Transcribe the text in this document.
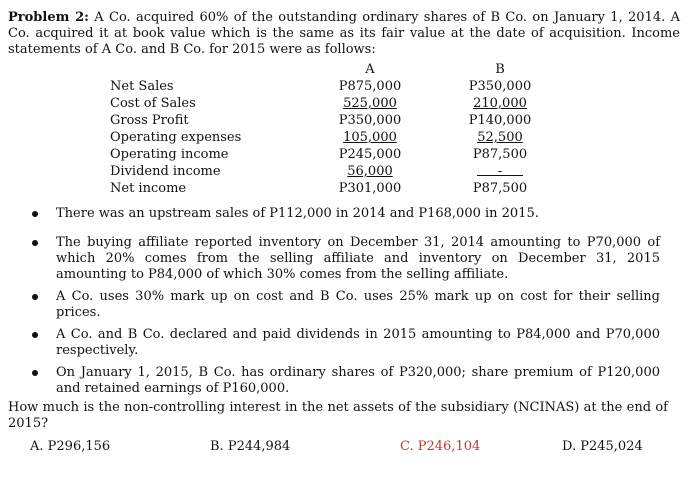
Problem 2: A Co. acquired 60% of the outstanding ordinary shares of B Co. on January 1, 2014. A Co. acquired it at book value which is the same as its fair value at the date of acquisition. Income statements of A Co. and B Co. for 2015 were as follows:
A	B
Net Sales	P875,000	P350,000
Cost of Sales	525,000	210,000
Gross Profit	P350,000	P140,000
Operating expenses	105,000	52,500
Operating income	P245,000	P87,500
Dividend income	56,000	-
Net income	P301,000	P87,500
There was an upstream sales of P112,000 in 2014 and P168,000 in 2015.
The buying affiliate reported inventory on December 31, 2014 amounting to P70,000 of which 20% comes from the selling affiliate and inventory on December 31, 2015 amounting to P84,000 of which 30% comes from the selling affiliate.
A Co. uses 30% mark up on cost and B Co. uses 25% mark up on cost for their selling prices.
A Co. and B Co. declared and paid dividends in 2015 amounting to P84,000 and P70,000 respectively.
On January 1, 2015, B Co. has ordinary shares of P320,000; share premium of P120,000 and retained earnings of P160,000.
How much is the non-controlling interest in the net assets of the subsidiary (NCINAS) at the end of 2015?
A. P296,156	B. P244,984	C. P246,104	D. P245,024
